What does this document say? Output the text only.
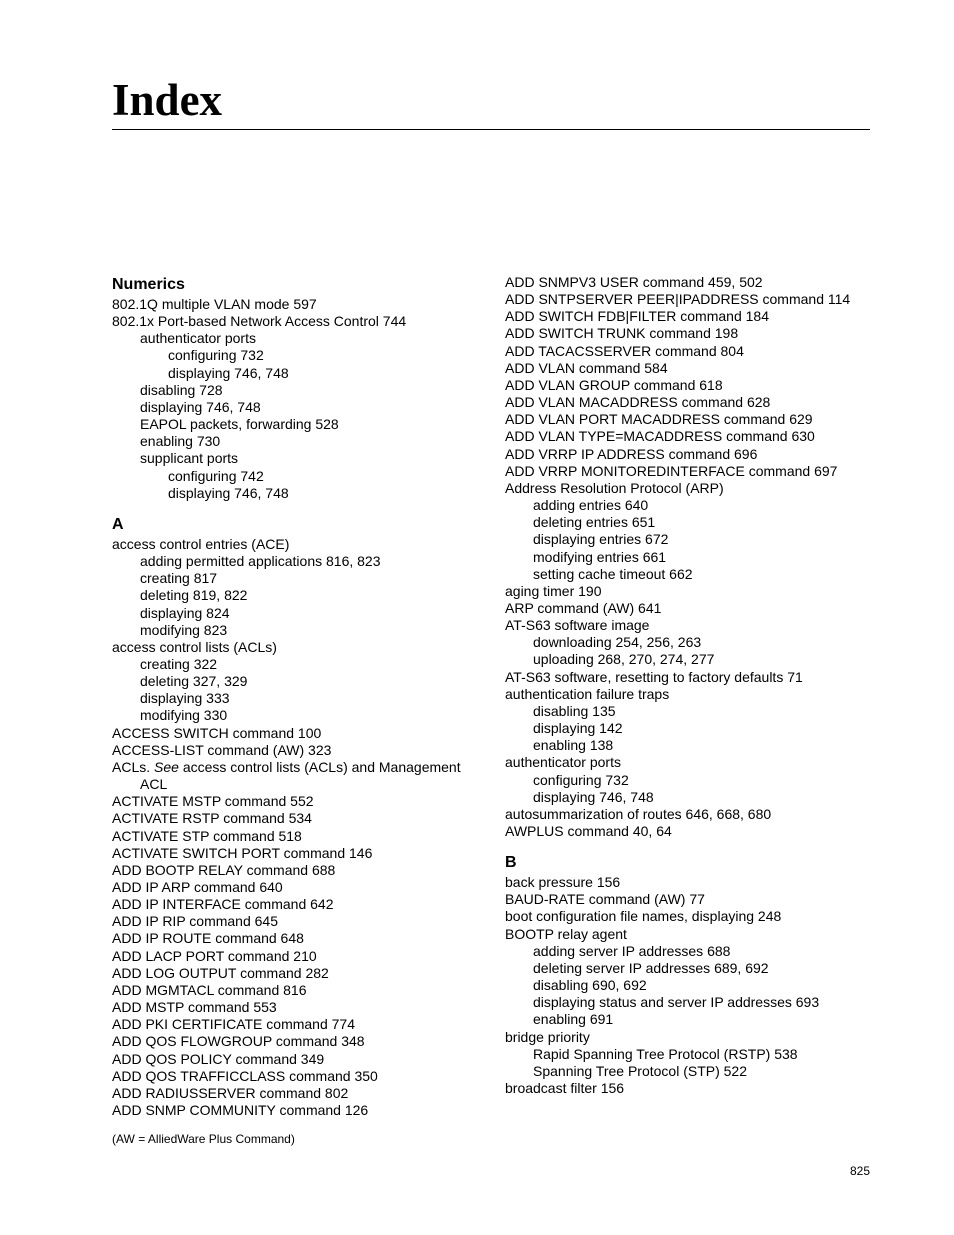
Index
Numerics
802.1Q multiple VLAN mode 597
802.1x Port-based Network Access Control 744
authenticator ports
configuring 732
displaying 746, 748
disabling 728
displaying 746, 748
EAPOL packets, forwarding 528
enabling 730
supplicant ports
configuring 742
displaying 746, 748
A
access control entries (ACE)
adding permitted applications 816, 823
creating 817
deleting 819, 822
displaying 824
modifying 823
access control lists (ACLs)
creating 322
deleting 327, 329
displaying 333
modifying 330
ACCESS SWITCH command 100
ACCESS-LIST command (AW) 323
ACLs. See access control lists (ACLs) and Management
ACL
ACTIVATE MSTP command 552
ACTIVATE RSTP command 534
ACTIVATE STP command 518
ACTIVATE SWITCH PORT command 146
ADD BOOTP RELAY command 688
ADD IP ARP command 640
ADD IP INTERFACE command 642
ADD IP RIP command 645
ADD IP ROUTE command 648
ADD LACP PORT command 210
ADD LOG OUTPUT command 282
ADD MGMTACL command 816
ADD MSTP command 553
ADD PKI CERTIFICATE command 774
ADD QOS FLOWGROUP command 348
ADD QOS POLICY command 349
ADD QOS TRAFFICCLASS command 350
ADD RADIUSSERVER command 802
ADD SNMP COMMUNITY command 126
ADD SNMPV3 USER command 459, 502
ADD SNTPSERVER PEER|IPADDRESS command 114
ADD SWITCH FDB|FILTER command 184
ADD SWITCH TRUNK command 198
ADD TACACSSERVER command 804
ADD VLAN command 584
ADD VLAN GROUP command 618
ADD VLAN MACADDRESS command 628
ADD VLAN PORT MACADDRESS command 629
ADD VLAN TYPE=MACADDRESS command 630
ADD VRRP IP ADDRESS command 696
ADD VRRP MONITOREDINTERFACE command 697
Address Resolution Protocol (ARP)
adding entries 640
deleting entries 651
displaying entries 672
modifying entries 661
setting cache timeout 662
aging timer 190
ARP command (AW) 641
AT-S63 software image
downloading 254, 256, 263
uploading 268, 270, 274, 277
AT-S63 software, resetting to factory defaults 71
authentication failure traps
disabling 135
displaying 142
enabling 138
authenticator ports
configuring 732
displaying 746, 748
autosummarization of routes 646, 668, 680
AWPLUS command 40, 64
B
back pressure 156
BAUD-RATE command (AW) 77
boot configuration file names, displaying 248
BOOTP relay agent
adding server IP addresses 688
deleting server IP addresses 689, 692
disabling 690, 692
displaying status and server IP addresses 693
enabling 691
bridge priority
Rapid Spanning Tree Protocol (RSTP) 538
Spanning Tree Protocol (STP) 522
broadcast filter 156
(AW = AlliedWare Plus Command)
825
